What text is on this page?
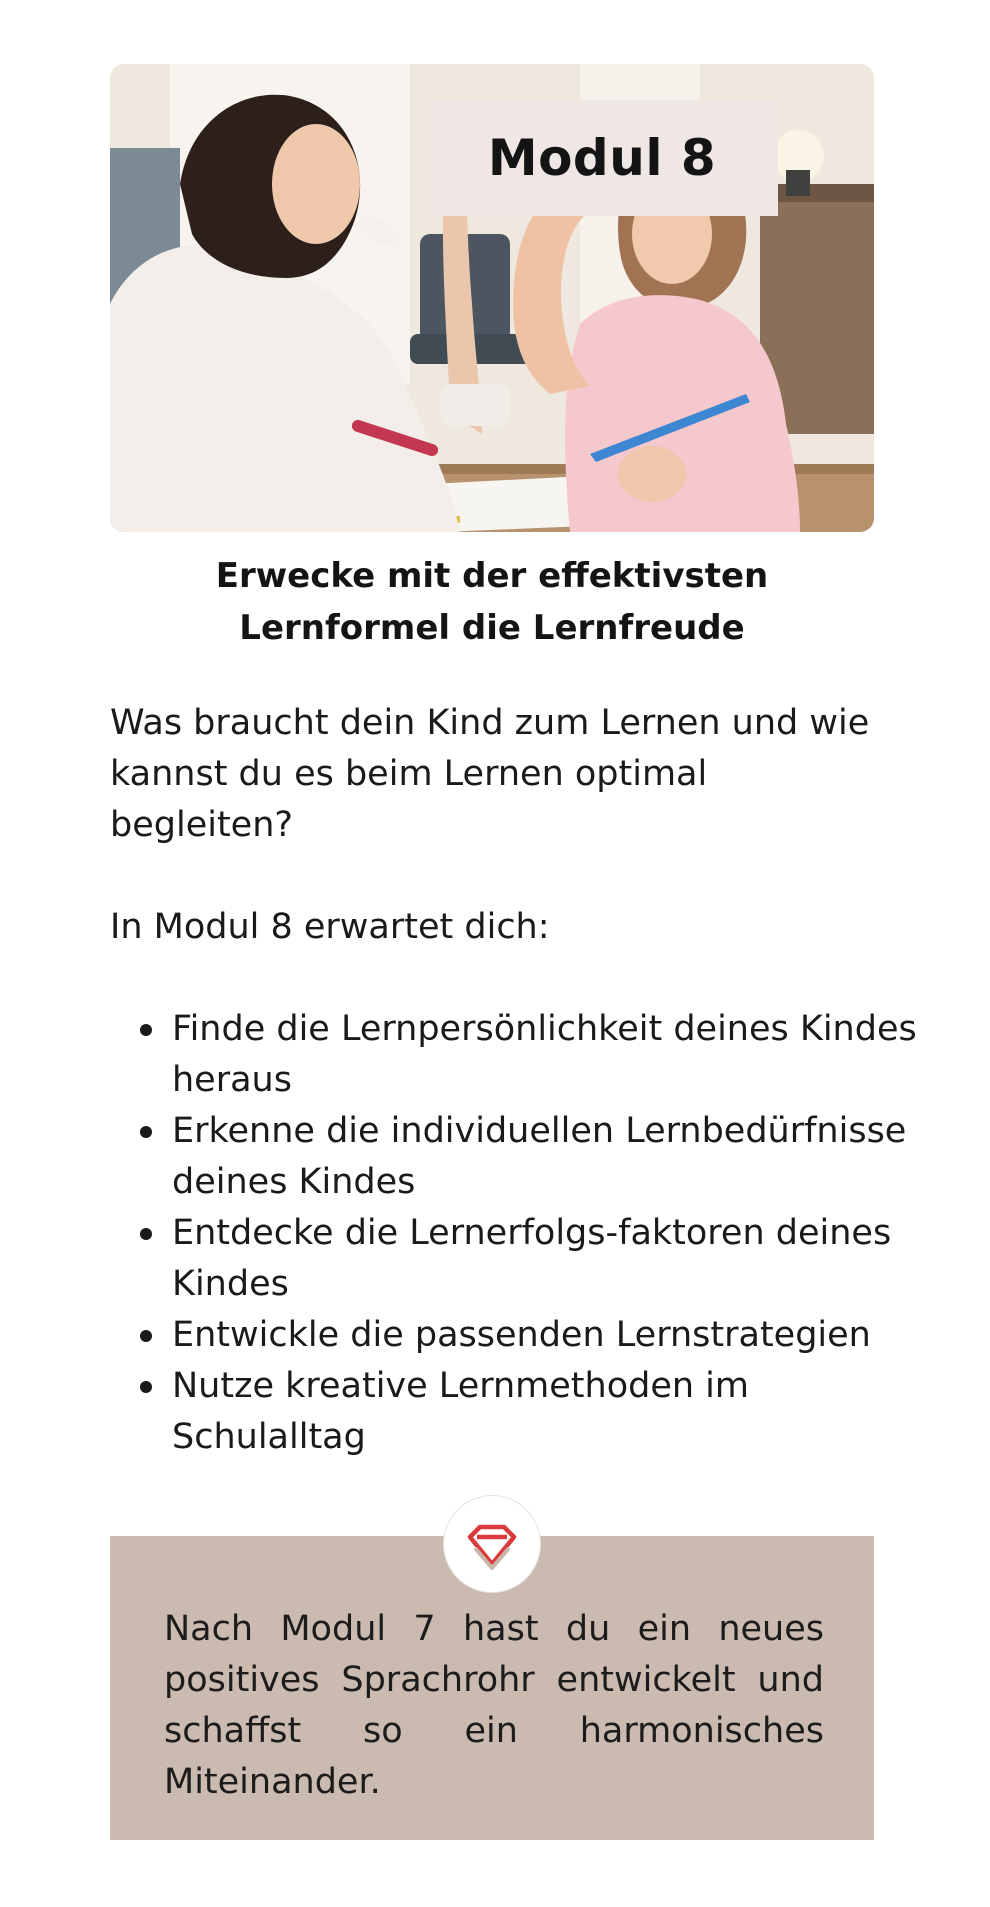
Modul 8
Erwecke mit der effektivsten Lernformel die Lernfreude
Was braucht dein Kind zum Lernen und wie kannst du es beim Lernen optimal begleiten?
In Modul 8 erwartet dich:
Finde die Lernpersönlichkeit deines Kindes heraus
Erkenne die individuellen Lernbedürfnisse deines Kindes
Entdecke die Lernerfolgs-faktoren deines Kindes
Entwickle die passenden Lernstrategien
Nutze kreative Lernmethoden im Schulalltag
Nach Modul 7 hast du ein neues positives Sprachrohr entwickelt und schaffst so ein harmonisches Miteinander.
